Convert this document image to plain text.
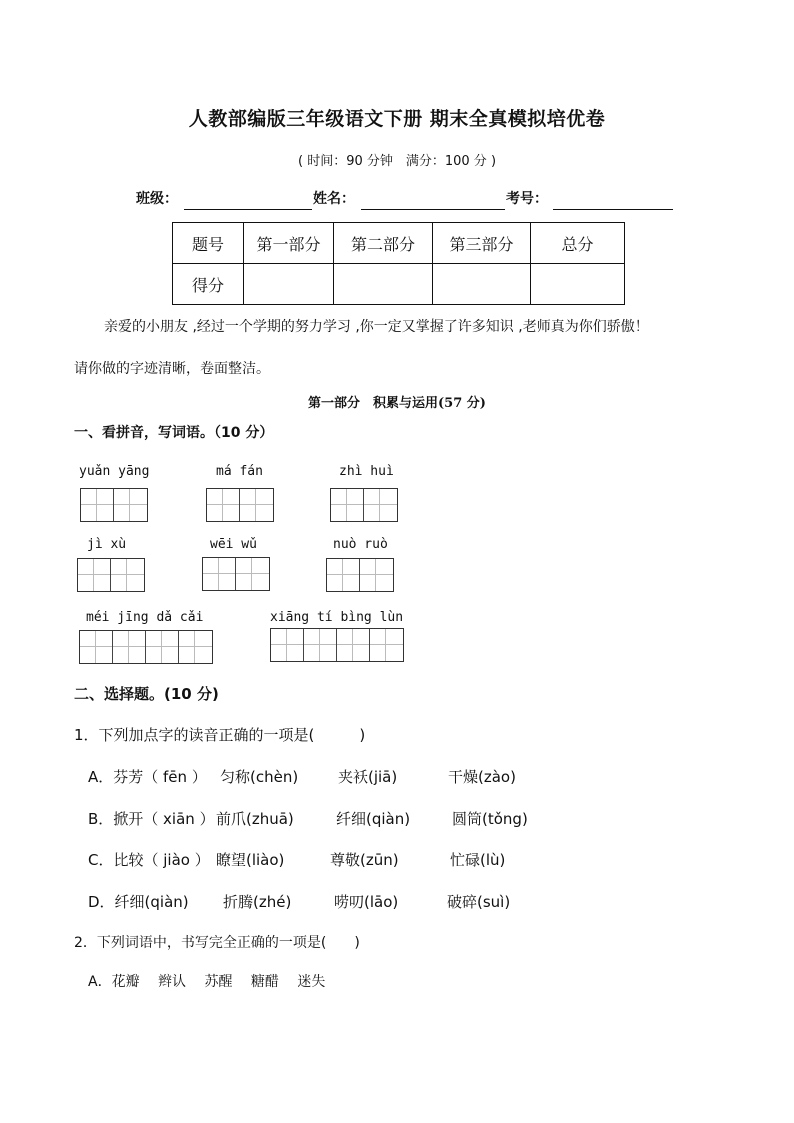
人教部编版三年级语文下册 期末全真模拟培优卷
( 时间：90 分钟　满分：100 分 )
班级：	姓名：	考号：
题号	第一部分	第二部分	第三部分	总分
得分				
亲爱的小朋友 ,经过一个学期的努力学习 ,你一定又掌握了许多知识 ,老师真为你们骄傲！
请你做的字迹清晰，卷面整洁。
第一部分　积累与运用(57 分)
一、看拼音，写词语。（10 分）
yuǎn yāng	má fán	zhì huì
jì xù	wēi wǔ	nuò ruò
méi jīng dǎ cǎi	xiāng tí bìng lùn
二、选择题。(10 分)
1．下列加点字的读音正确的一项是(　　　)
A．芬芳（ fēn ） 匀称(chèn)	夹袄(jiā)	干燥(zào)
B．掀开（ xiān ） 前爪(zhuā)	纤细(qiàn)	圆筒(tǒng)
C．比较（ jiào ） 瞭望(liào)	尊敬(zūn)	忙碌(lù)
D．纤细(qiàn)	折腾(zhé)	唠叨(lāo)	破碎(suì)
2．下列词语中，书写完全正确的一项是(　　)
A．花瓣　 辫认　 苏醒　 糖醋　 迷失
